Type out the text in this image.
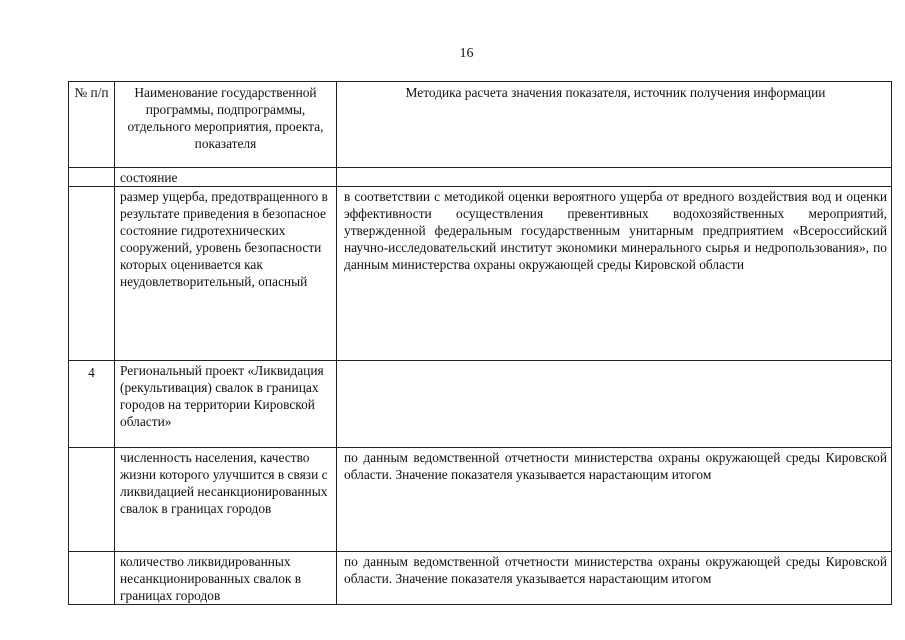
16
№ п/п	Наименование государственной программы, подпрограммы, отдельного мероприятия, проекта, показателя	Методика расчета значения показателя, источник получения информации
	состояние	
	размер ущерба, предотвращенного в результате приведения в безопасное состояние гидротехнических сооружений, уровень безопасности которых оценивается как неудовлетворительный, опасный	в соответствии с методикой оценки вероятного ущерба от вредного воздействия вод и оценки эффективности осуществления превентивных водохозяйственных мероприятий, утвержденной федеральным государственным унитарным предприятием «Всероссийский научно-исследовательский институт экономики минерального сырья и недропользования», по данным министерства охраны окружающей среды Кировской области
4	Региональный проект «Ликвидация (рекультивация) свалок в границах городов на территории Кировской области»	
	численность населения, качество жизни которого улучшится в связи с ликвидацией несанкционированных свалок в границах городов	по данным ведомственной отчетности министерства охраны окружающей среды Кировской области. Значение показателя указывается нарастающим итогом
	количество ликвидированных несанкционированных свалок в границах городов	по данным ведомственной отчетности министерства охраны окружающей среды Кировской области. Значение показателя указывается нарастающим итогом
